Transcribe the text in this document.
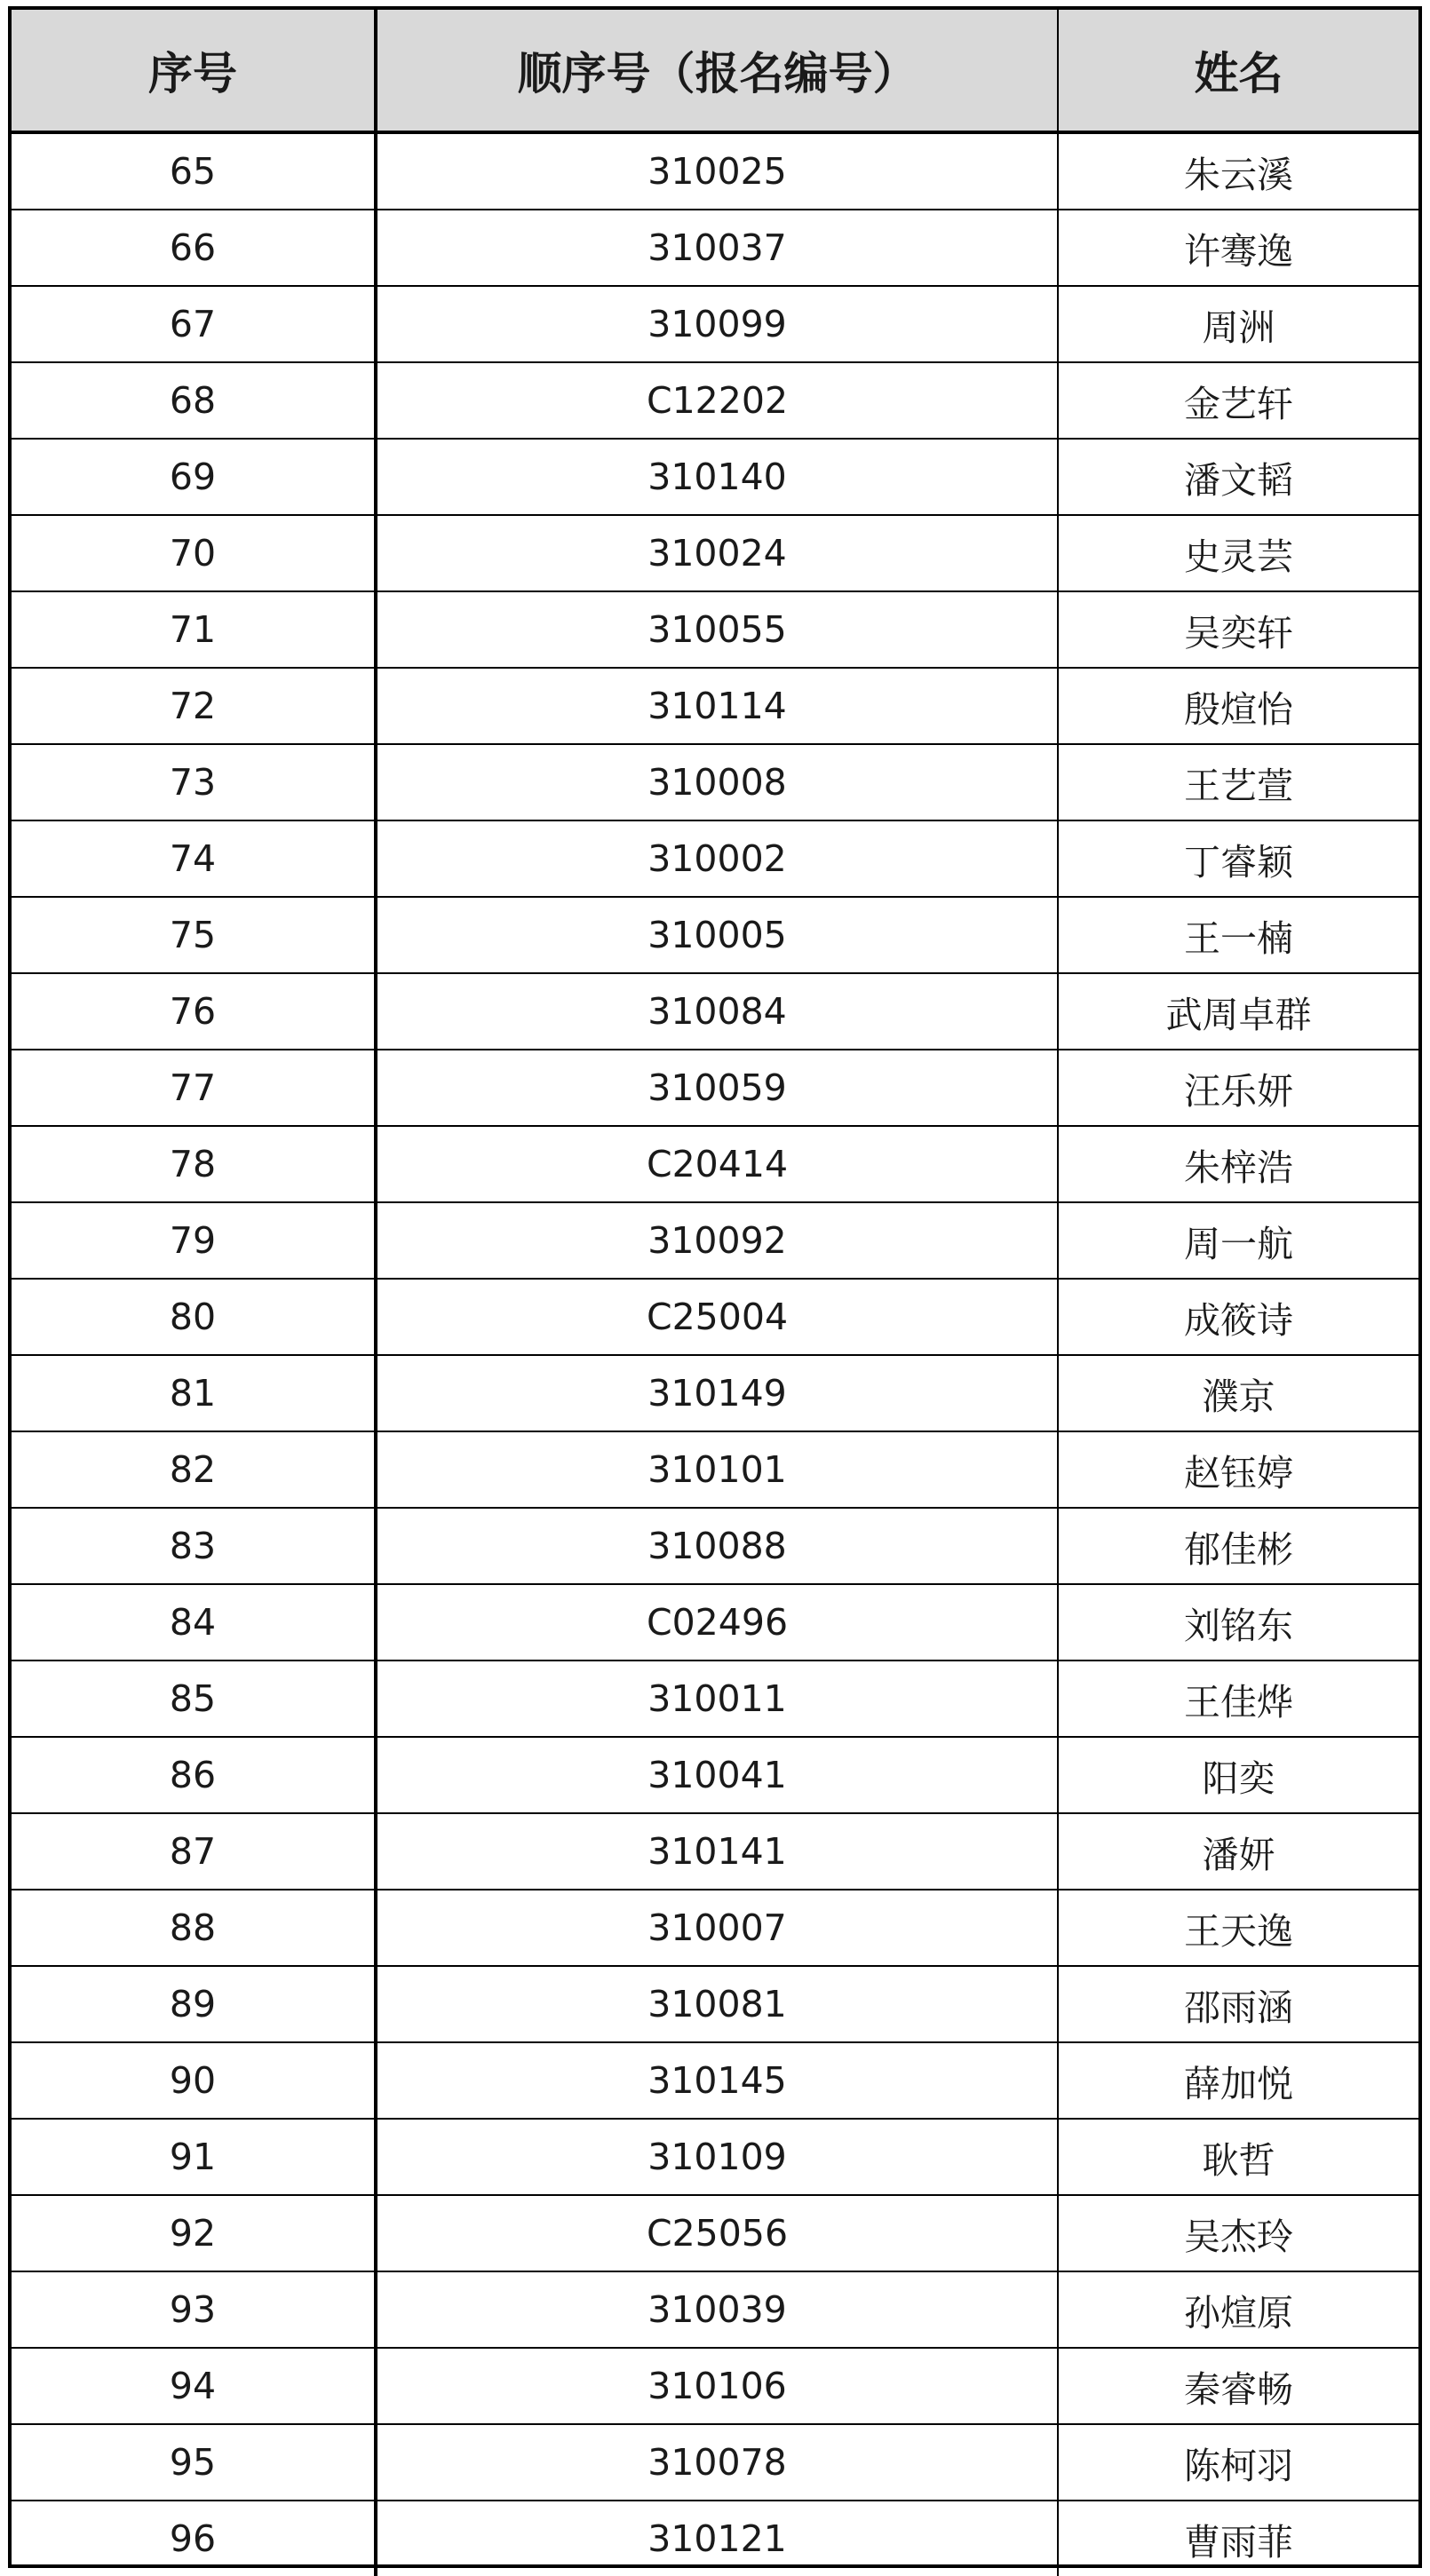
序号	顺序号（报名编号）	姓名
65	310025	朱云溪
66	310037	许骞逸
67	310099	周洲
68	C12202	金艺轩
69	310140	潘文韬
70	310024	史灵芸
71	310055	吴奕轩
72	310114	殷煊怡
73	310008	王艺萱
74	310002	丁睿颖
75	310005	王一楠
76	310084	武周卓群
77	310059	汪乐妍
78	C20414	朱梓浩
79	310092	周一航
80	C25004	成筱诗
81	310149	濮京
82	310101	赵钰婷
83	310088	郁佳彬
84	C02496	刘铭东
85	310011	王佳烨
86	310041	阳奕
87	310141	潘妍
88	310007	王天逸
89	310081	邵雨涵
90	310145	薛加悦
91	310109	耿哲
92	C25056	吴杰玲
93	310039	孙煊原
94	310106	秦睿畅
95	310078	陈柯羽
96	310121	曹雨菲
